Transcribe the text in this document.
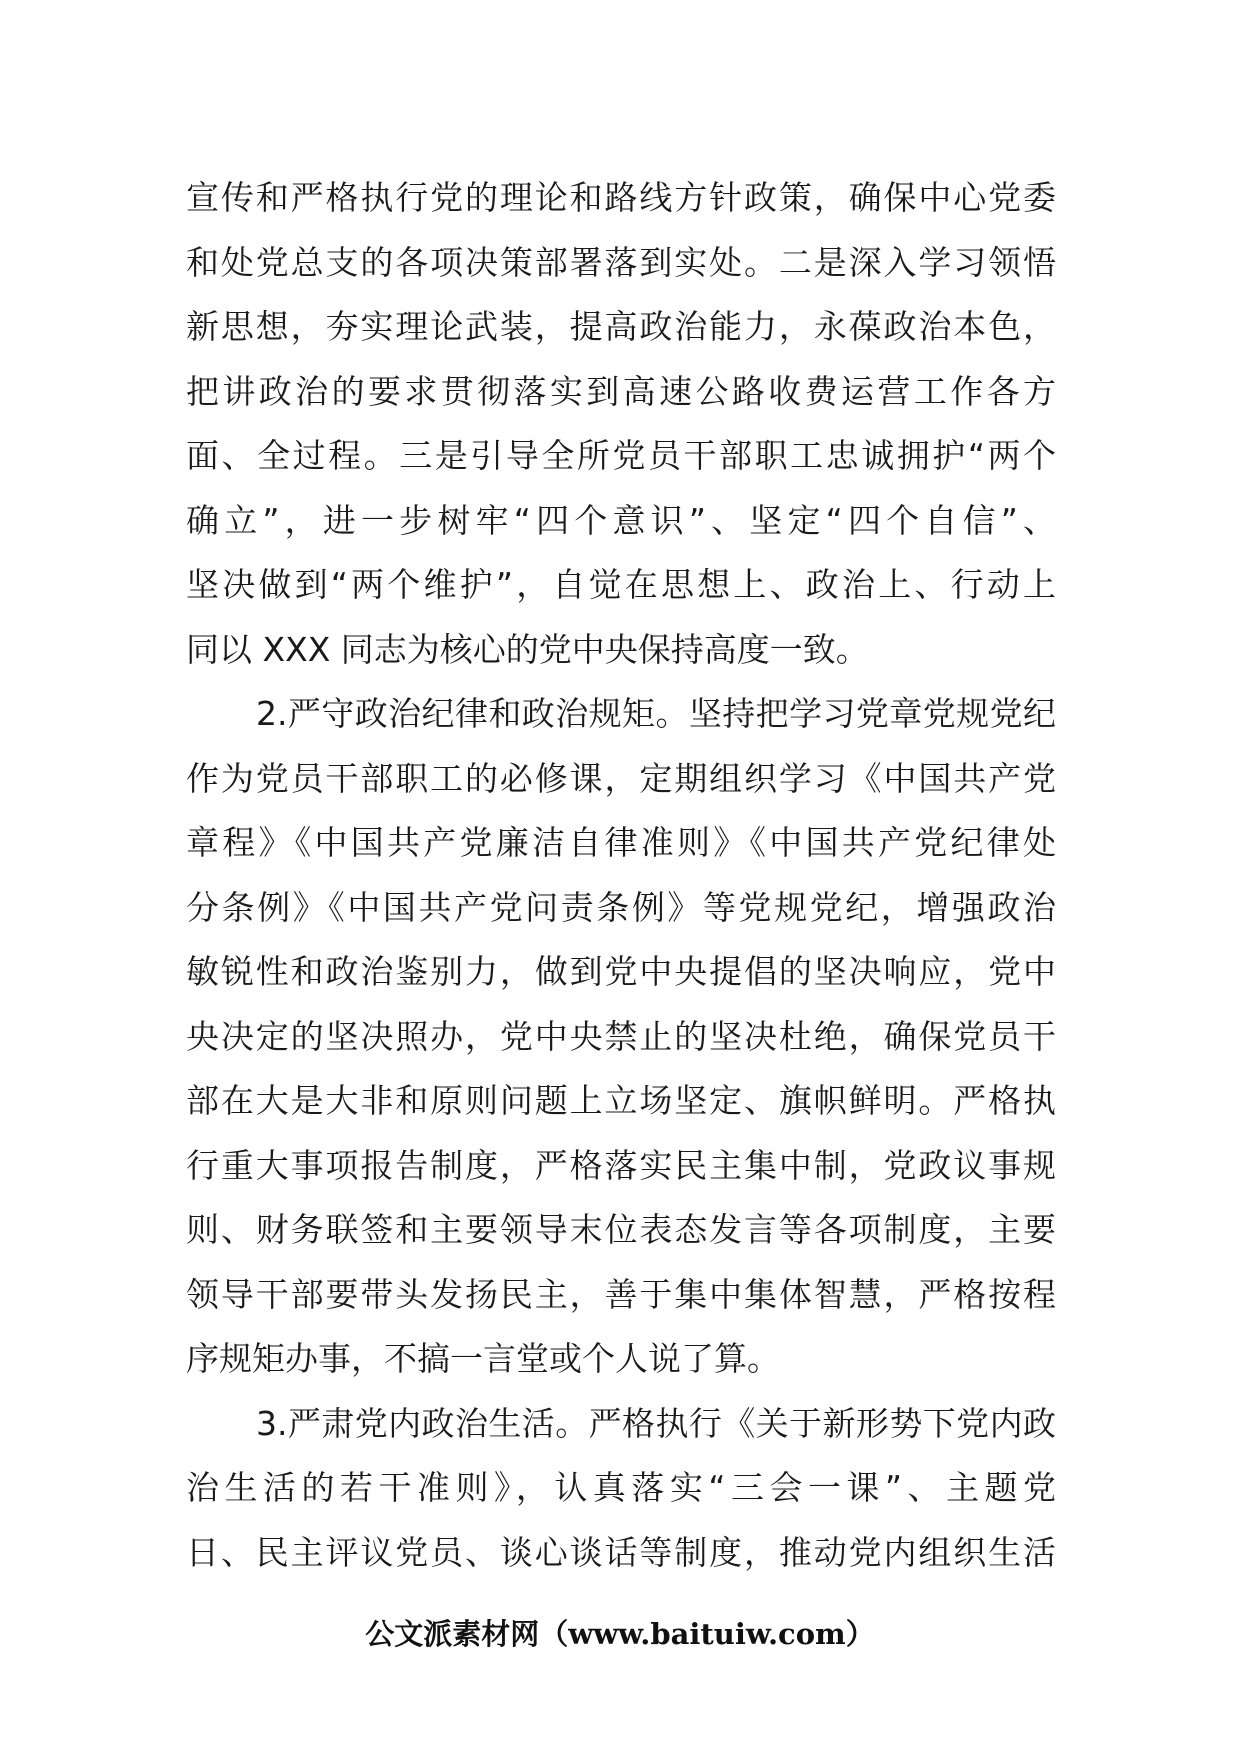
宣传和严格执行党的理论和路线方针政策，确保中心党委
和处党总支的各项决策部署落到实处。二是深入学习领悟
新思想，夯实理论武装，提高政治能力，永葆政治本色，
把讲政治的要求贯彻落实到高速公路收费运营工作各方
面、全过程。三是引导全所党员干部职工忠诚拥护“两个
确立”，进一步树牢“四个意识”、坚定“四个自信”、
坚决做到“两个维护”，自觉在思想上、政治上、行动上
同以 XXX 同志为核心的党中央保持高度一致。
2.严守政治纪律和政治规矩。坚持把学习党章党规党纪
作为党员干部职工的必修课，定期组织学习《中国共产党
章程》《中国共产党廉洁自律准则》《中国共产党纪律处
分条例》《中国共产党问责条例》等党规党纪，增强政治
敏锐性和政治鉴别力，做到党中央提倡的坚决响应，党中
央决定的坚决照办，党中央禁止的坚决杜绝，确保党员干
部在大是大非和原则问题上立场坚定、旗帜鲜明。严格执
行重大事项报告制度，严格落实民主集中制，党政议事规
则、财务联签和主要领导末位表态发言等各项制度，主要
领导干部要带头发扬民主，善于集中集体智慧，严格按程
序规矩办事，不搞一言堂或个人说了算。
3.严肃党内政治生活。严格执行《关于新形势下党内政
治生活的若干准则》，认真落实“三会一课”、主题党
日、民主评议党员、谈心谈话等制度，推动党内组织生活
公文派素材网（www.baituiw.com）
